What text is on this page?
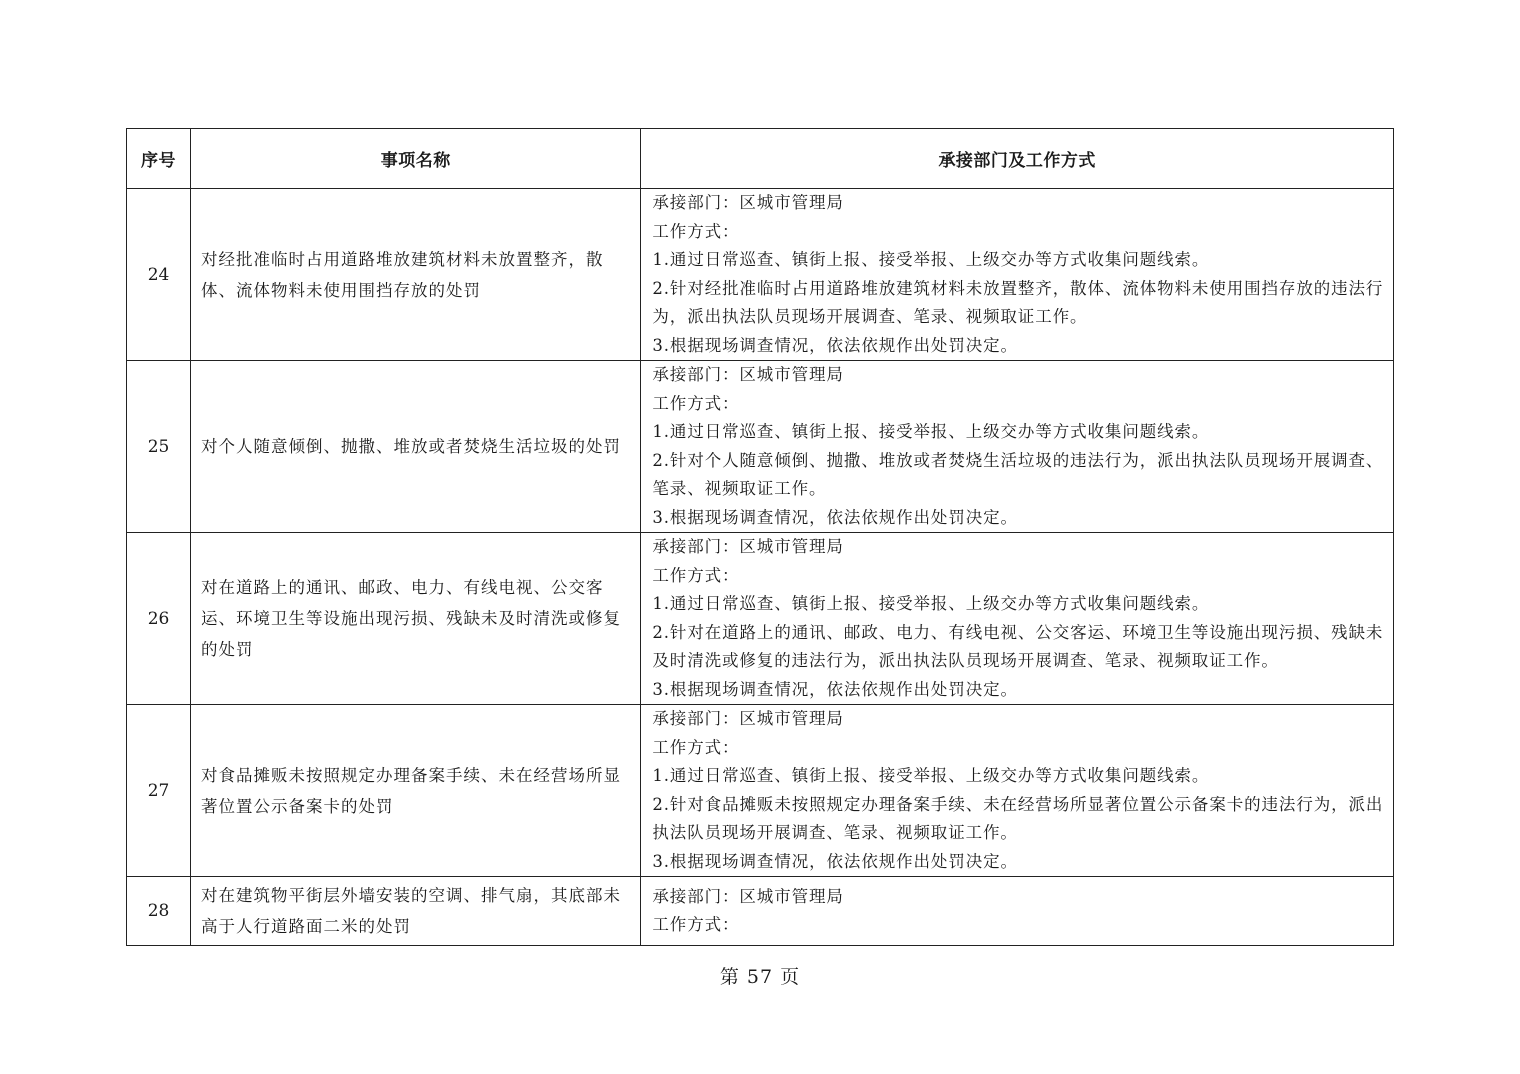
序号	事项名称	承接部门及工作方式
24	对经批准临时占用道路堆放建筑材料未放置整齐，散体、流体物料未使用围挡存放的处罚	承接部门：区城市管理局
工作方式：
1.通过日常巡查、镇街上报、接受举报、上级交办等方式收集问题线索。
2.针对经批准临时占用道路堆放建筑材料未放置整齐，散体、流体物料未使用围挡存放的违法行为，派出执法队员现场开展调查、笔录、视频取证工作。
3.根据现场调查情况，依法依规作出处罚决定。

25	对个人随意倾倒、抛撒、堆放或者焚烧生活垃圾的处罚	承接部门：区城市管理局
工作方式：
1.通过日常巡查、镇街上报、接受举报、上级交办等方式收集问题线索。
2.针对个人随意倾倒、抛撒、堆放或者焚烧生活垃圾的违法行为，派出执法队员现场开展调查、笔录、视频取证工作。
3.根据现场调查情况，依法依规作出处罚决定。

26	对在道路上的通讯、邮政、电力、有线电视、公交客运、环境卫生等设施出现污损、残缺未及时清洗或修复的处罚	承接部门：区城市管理局
工作方式：
1.通过日常巡查、镇街上报、接受举报、上级交办等方式收集问题线索。
2.针对在道路上的通讯、邮政、电力、有线电视、公交客运、环境卫生等设施出现污损、残缺未及时清洗或修复的违法行为，派出执法队员现场开展调查、笔录、视频取证工作。
3.根据现场调查情况，依法依规作出处罚决定。

27	对食品摊贩未按照规定办理备案手续、未在经营场所显著位置公示备案卡的处罚	承接部门：区城市管理局
工作方式：
1.通过日常巡查、镇街上报、接受举报、上级交办等方式收集问题线索。
2.针对食品摊贩未按照规定办理备案手续、未在经营场所显著位置公示备案卡的违法行为，派出执法队员现场开展调查、笔录、视频取证工作。
3.根据现场调查情况，依法依规作出处罚决定。

28	对在建筑物平街层外墙安装的空调、排气扇，其底部未高于人行道路面二米的处罚	承接部门：区城市管理局
工作方式：
第 57 页
